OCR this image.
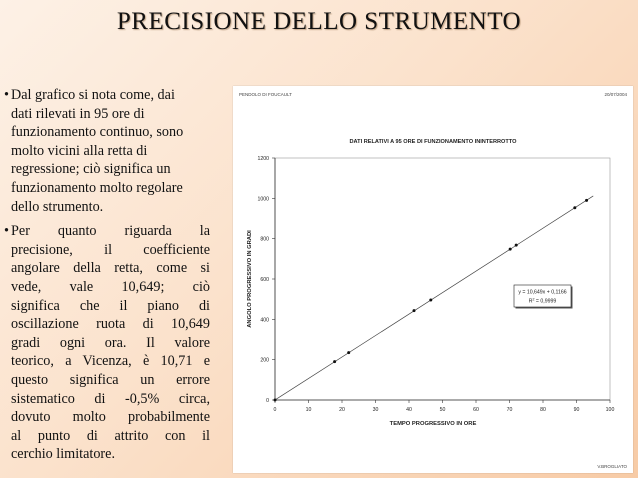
PRECISIONE DELLO STRUMENTO
• Dal grafico si nota come, dai
dati rilevati in 95 ore di
funzionamento continuo, sono
molto vicini alla retta di
regressione; ciò significa un
funzionamento molto regolare
dello strumento.
• Per quanto riguarda la
precisione, il coefficiente
angolare della retta, come si
vede, vale 10,649; ciò
significa che il piano di
oscillazione ruota di 10,649
gradi ogni ora. Il valore
teorico, a Vicenza, è 10,71 e
questo significa un errore
sistematico di -0,5% circa,
dovuto molto probabilmente
al punto di attrito con il
cerchio limitatore.
PENDOLO DI FOUCAULT	20/07/2004
V.BROGLIATO
DATI RELATIVI A 95 ORE DI FUNZIONAMENTO ININTERROTTO
0
200
400
600
800
1000
1200
0	10	20	30	40	50	60	70	80	90	100
TEMPO PROGRESSIVO IN ORE
ANGOLO PROGRESSIVO IN GRADI	y = 10,649x + 0,1166
$R^2 = 0,9999$
